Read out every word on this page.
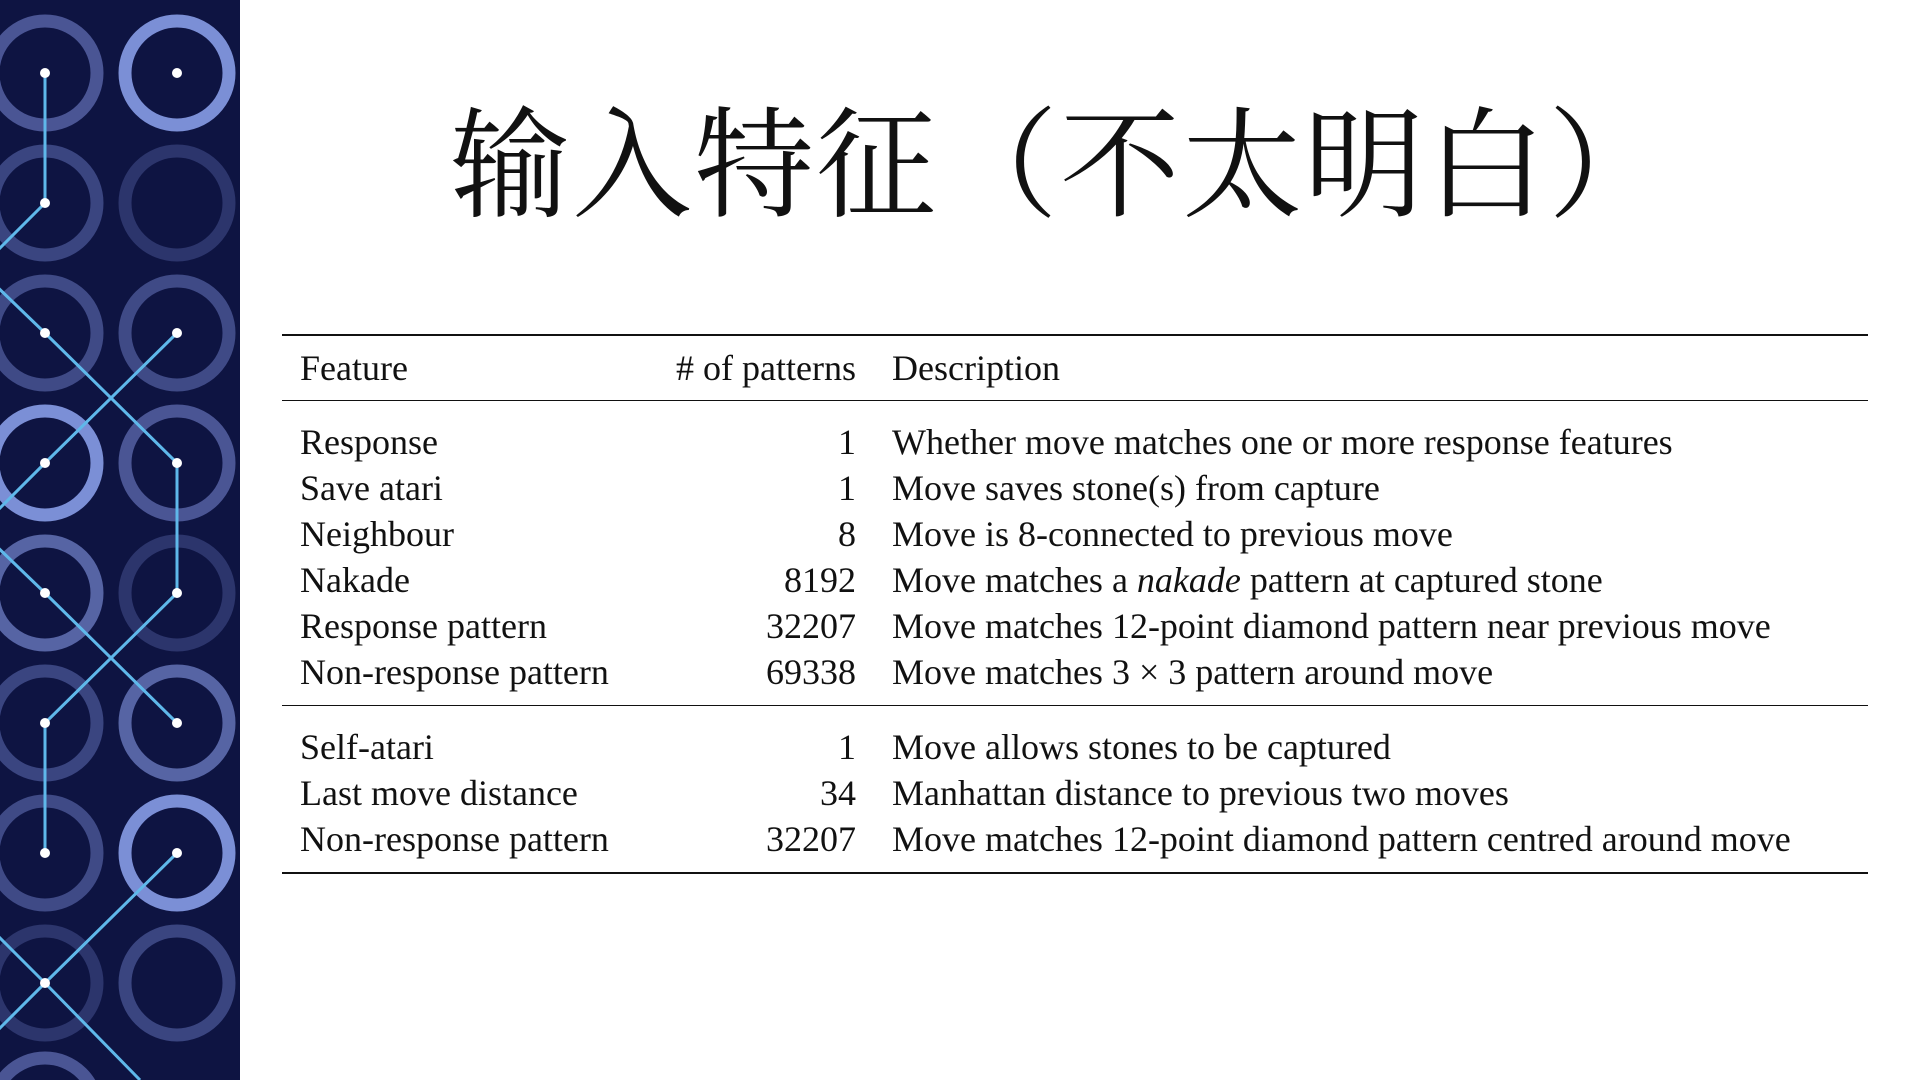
输入特征（不太明白）
Feature	# of patterns	Description
Response	1	Whether move matches one or more response features
Save atari	1	Move saves stone(s) from capture
Neighbour	8	Move is 8-connected to previous move
Nakade	8192	Move matches a nakade pattern at captured stone
Response pattern	32207	Move matches 12-point diamond pattern near previous move
Non-response pattern	69338	Move matches 3 × 3 pattern around move
Self-atari	1	Move allows stones to be captured
Last move distance	34	Manhattan distance to previous two moves
Non-response pattern	32207	Move matches 12-point diamond pattern centred around move
